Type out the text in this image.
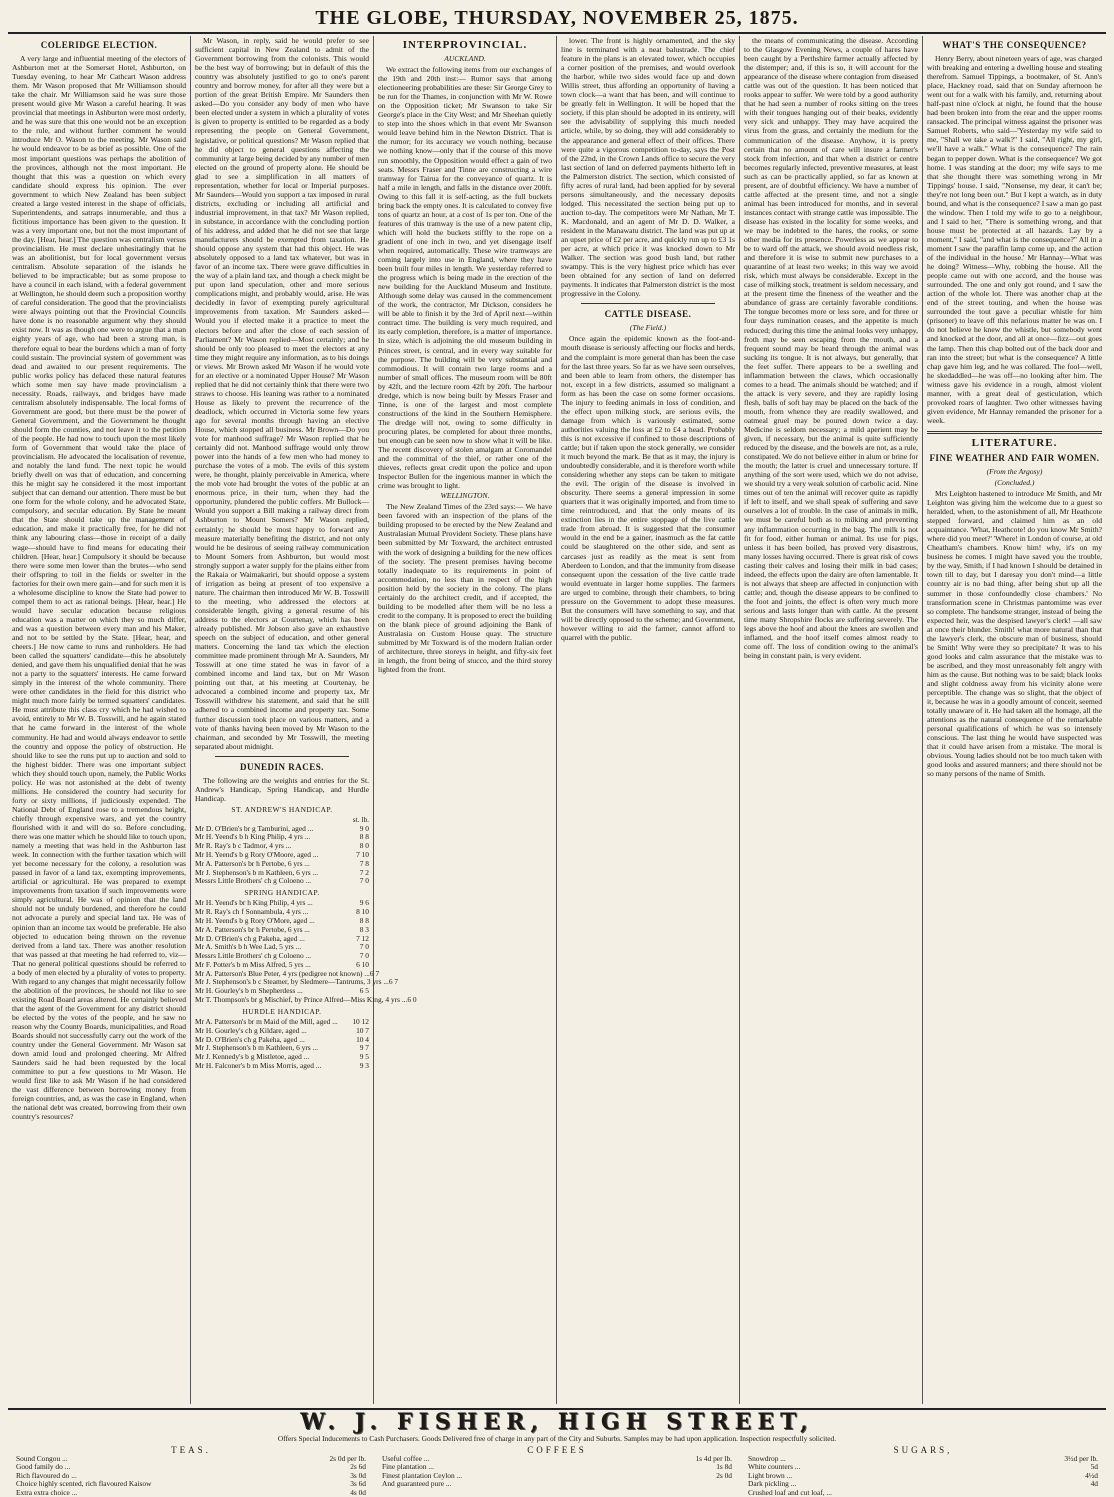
THE GLOBE, THURSDAY, NOVEMBER 25, 1875.
COLERIDGE ELECTION.

A very large and influential meeting of the electors of Ashburton met at the Somerset Hotel, Ashburton, on Tuesday evening, to hear Mr Cathcart Wason address them. Mr Wason proposed that Mr Williamson should take the chair. Mr Williamson said he was sure those present would give Mr Wason a careful hearing. It was provincial that meetings in Ashburton were most orderly, and he was sure that this one would not be an exception to the rule, and without further comment he would introduce Mr O. Wason to the meeting. Mr Wason said he would endeavor to be as brief as possible. One of the most important questions was perhaps the abolition of the provinces, although not the most important. He thought that this was a question on which every candidate should express his opinion. The ever government to which New Zealand has been subject created a large vested interest in the shape of officials, Superintendents, and satraps innumerable, and thus a fictitious importance has been given to the question. It was a very important one, but not the most important of the day. [Hear, hear.] The question was centralism versus provincialism. He must declare unhesitatingly that he was an abolitionist, but for local government versus centralism. Absolute separation of the islands he believed to be impracticable; but as some propose to have a council in each island, with a federal government at Wellington, he should deem such a proposition worthy of careful consideration. The good that the provincialists were always pointing out that the Provincial Councils have done is no reasonable argument why they should exist now. It was as though one were to argue that a man eighty years of age, who had been a strong man, is therefore equal to bear the burdens which a man of forty could sustain. The provincial system of government was dead and awaited to our present requirements. The public works policy has defaced these natural features which some men say have made provincialism a necessity. Roads, railways, and bridges have made centralism absolutely indispensable. The local forms of Government are good, but there must be the power of General Government, and the Government he thought should form the counties, and not leave it to the petition of the people. He had now to touch upon the most likely form of Government that would take the place of provincialism. He advocated the localisation of revenue, and notably the land fund. The next topic he would briefly dwell on was that of education, and concerning this he might say he considered it the most important subject that can demand our attention. There must be but one form for the whole colony, and he advocated State, compulsory, and secular education. By State he meant that the State should take up the management of education, and make it practically free, for he did not think any labouring class—those in receipt of a daily wage—should have to find means for educating their children. [Hear, hear.] Compulsory it should be because there were some men lower than the brutes—who send their offspring to toil in the fields or swelter in the factories for their own mere gain—and for such men it is a wholesome discipline to know the State had power to compel them to act as rational beings. [Hear, hear.] He would have secular education because religious education was a matter on which they so much differ, and was a question between every man and his Maker, and not to be settled by the State. [Hear, hear, and cheers.] He now came to runs and runholders. He had been called the squatters' candidate—this he absolutely denied, and gave them his unqualified denial that he was not a party to the squatters' interests. He came forward simply in the interest of the whole community. There were other candidates in the field for this district who might much more fairly be termed squatters' candidates. He must attribute this class cry which he had wished to avoid, entirely to Mr W. B. Tosswill, and he again stated that he came forward in the interest of the whole community. He had and would always endeavor to settle the country and oppose the policy of obstruction. He should like to see the runs put up to auction and sold to the highest bidder. There was one important subject which they should touch upon, namely, the Public Works policy. He was not astonished at the debt of twenty millions. He considered the country had security for forty or sixty millions, if judiciously expended. The National Debt of England rose to a tremendous height, chiefly through expensive wars, and yet the country flourished with it and will do so. Before concluding, there was one matter which he should like to touch upon, namely a meeting that was held in the Ashburton last week. In connection with the further taxation which will yet become necessary for the colony, a resolution was passed in favor of a land tax, exempting improvements, artificial or agricultural. He was prepared to exempt improvements from taxation if such improvements were simply agricultural. He was of opinion that the land should not be unduly burdened, and therefore he could not advocate a purely and special land tax. He was of opinion than an income tax would be preferable. He also objected to education being thrown on the revenue derived from a land tax. There was another resolution that was passed at that meeting he had referred to, viz—That no general political questions should be referred to a body of men elected by a plurality of votes to property. With regard to any changes that might necessarily follow the abolition of the provinces, he should not like to see existing Road Board areas altered. He certainly believed that the agent of the Government for any district should be elected by the votes of the people, and he saw no reason why the County Boards, municipalities, and Road Boards should not successfully carry out the work of the country under the General Government. Mr Wason sat down amid loud and prolonged cheering. Mr Alfred Saunders said he had been requested by the local committee to put a few questions to Mr Wason. He would first like to ask Mr Wason if he had considered the vast difference between borrowing money from foreign countries, and, as was the case in England, when the national debt was created, borrowing from their own country's resources?

Mr Wason, in reply, said he would prefer to see sufficient capital in New Zealand to admit of the Government borrowing from the colonists. This would be the best way of borrowing; but in default of this the country was absolutely justified to go to one's parent country and borrow money, for after all they were but a portion of the great British Empire. Mr Saunders then asked—Do you consider any body of men who have been elected under a system in which a plurality of votes is given to property is entitled to be regarded as a body representing the people on General Government, legislative, or political questions? Mr Wason replied that he did object to general questions affecting the community at large being decided by any number of men elected on the ground of property alone. He should be glad to see a simplification in all matters of representation, whether for local or Imperial purposes. Mr Saunders—Would you support a tax imposed in rural districts, excluding or including all artificial and industrial improvement, in that tax? Mr Wason replied, in substance, in accordance with the concluding portion of his address, and added that he did not see that large manufacturers should be exempted from taxation. He should oppose any system that had this object. He was absolutely opposed to a land tax whatever, but was in favor of an income tax. There were grave difficulties in the way of a plain land tax, and though a check might be put upon land speculation, other and more serious complications might, and probably would, arise. He was decidedly in favor of exempting purely agricultural improvements from taxation. Mr Saunders asked—Would you if elected make it a practice to meet the electors before and after the close of each session of Parliament? Mr Wason replied—Most certainly; and he should be only too pleased to meet the electors at any time they might require any information, as to his doings or views. Mr Brown asked Mr Wason if he would vote for an elective or a nominated Upper House? Mr Wason replied that he did not certainly think that there were two straws to choose. His leaning was rather to a nominated House as likely to prevent the recurrence of the deadlock, which occurred in Victoria some few years ago for several months through having an elective House, which stopped all business. Mr Brown—Do you vote for manhood suffrage? Mr Wason replied that he certainly did not. Manhood suffrage would only throw power into the hands of a few men who had money to purchase the votes of a mob. The evils of this system were, he thought, plainly perceivable in America, where the mob vote had brought the votes of the public at an enormous price, in their turn, when they had the opportunity, plundered the public coffers. Mr Bullock—Would you support a Bill making a railway direct from Ashburton to Mount Somers? Mr Wason replied, certainly; he should be most happy to forward any measure materially benefiting the district, and not only would he be desirous of seeing railway communication to Mount Somers from Ashburton, but would most strongly support a water supply for the plains either from the Rakaia or Waimakariri, but should oppose a system of irrigation as being at present of too expensive a nature. The chairman then introduced Mr W. B. Tosswill to the meeting, who addressed the electors at considerable length, giving a general resume of his address to the electors at Courtenay, which has been already published. Mr Jobson also gave an exhaustive speech on the subject of education, and other general matters. Concerning the land tax which the election committee made prominent through Mr A. Saunders, Mr Tosswill at one time stated he was in favor of a combined income and land tax, but on Mr Wason pointing out that, at his meeting at Courtenay, he advocated a combined income and property tax, Mr Tosswill withdrew his statement, and said that he still adhered to a combined income and property tax. Some further discussion took place on various matters, and a vote of thanks having been moved by Mr Wason to the chairman, and seconded by Mr Tosswill, the meeting separated about midnight.

DUNEDIN RACES.

The following are the weights and entries for the St. Andrew's Handicap, Spring Handicap, and Hurdle Handicap.

ST. ANDREW'S HANDICAP.
st. lb.
Mr D. O'Brien's br g Tamburini, aged ...	9 0
Mr H. Yeend's b h King Philip, 4 yrs ...	8 8
Mr R. Ray's b c Tadmor, 4 yrs ...	8 0
Mr H. Yeend's b g Rory O'Moore, aged ...	7 10
Mr A. Patterson's br h Pertobe, 6 yrs ...	7 8
Mr J. Stephenson's b m Kathleen, 6 yrs ...	7 2
Messrs Little Brothers' ch g Coloeno ...	7 0
SPRING HANDICAP.
Mr H. Yeend's br h King Philip, 4 yrs ...	9 6
Mr R. Ray's ch f Sonnambula, 4 yrs ...	8 10
Mr H. Yeend's b g Rory O'More, aged ...	8 8
Mr A. Patterson's br h Pertobe, 6 yrs ...	8 3
Mr D. O'Brien's ch g Pakeha, aged ...	7 12
Mr A. Smith's b h Wee Lad, 5 yrs ...	7 0
Messrs Little Brothers' ch g Coloeno ...	7 0
Mr F. Potter's b m Miss Alfred, 5 yrs ...	6 10
Mr A. Patterson's Blue Peter, 4 yrs (pedigree not known) ... 6 7
Mr J. Stephenson's b c Steamer, by Sledmere—Tantrums, 3 yrs ... 6 7
Mr H. Gourley's b m Shepherdess ...	6 5
Mr T. Thompson's br g Mischief, by Prince Alfred—Miss King, 4 yrs ... 6 0
HURDLE HANDICAP.
Mr A. Patterson's br m Maid of the Mill, aged ... 10 12
Mr H. Gourley's ch g Kildare, aged ...	10 7
Mr D. O'Brien's ch g Pakeha, aged ...	10 4
Mr J. Stephenson's b m Kathleen, 6 yrs ...	9 7
Mr J. Kennedy's b g Mistletoe, aged ...	9 5
Mr H. Falconer's b m Miss Morris, aged ...	9 3
INTERPROVINCIAL.
AUCKLAND.

We extract the following items from our exchanges of the 19th and 20th inst:— Rumor says that among electioneering probabilities are these: Sir George Grey to be run for the Thames, in conjunction with Mr W. Rowe on the Opposition ticket; Mr Swanson to take Sir George's place in the City West; and Mr Sheehan quietly to step into the shoes which in that event Mr Swanson would leave behind him in the Newton District. That is the rumor; for its accuracy we vouch nothing, because we nothing know—only that if the course of this move run smoothly, the Opposition would effect a gain of two seats. Messrs Fraser and Tinne are constructing a wire tramway for Tairua for the conveyance of quartz. It is half a mile in length, and falls in the distance over 200ft. Owing to this fall it is self-acting, as the full buckets bring back the empty ones. It is calculated to convey five tons of quartz an hour, at a cost of 1s per ton. One of the features of this tramway is the use of a new patent clip, which will hold the buckets stiffly to the rope on a gradient of one inch in two, and yet disengage itself when required, automatically. These wire tramways are coming largely into use in England, where they have been built four miles in length. We yesterday referred to the progress which is being made in the erection of the new building for the Auckland Museum and Institute. Although some delay was caused in the commencement of the work, the contractor, Mr Dickson, considers he will be able to finish it by the 3rd of April next—within contract time. The building is very much required, and its early completion, therefore, is a matter of importance. In size, which is adjoining the old museum building in Princes street, is central, and in every way suitable for the purpose. The building will be very substantial and commodious. It will contain two large rooms and a number of small offices. The museum room will be 80ft by 42ft, and the lecture room 42ft by 20ft. The harbour dredge, which is now being built by Messrs Fraser and Tinne, is one of the largest and most complete constructions of the kind in the Southern Hemisphere. The dredge will not, owing to some difficulty in procuring plates, be completed for about three months, but enough can be seen now to show what it will be like. The recent discovery of stolen amalgam at Coromandel and the committal of the thief, or rather one of the thieves, reflects great credit upon the police and upon Inspector Bullen for the ingenious manner in which the crime was brought to light.

WELLINGTON.

The New Zealand Times of the 23rd says:— We have been favored with an inspection of the plans of the building proposed to be erected by the New Zealand and Australasian Mutual Provident Society. These plans have been submitted by Mr Toxward, the architect entrusted with the work of designing a building for the new offices of the society. The present premises having become totally inadequate to its requirements in point of accommodation, no less than in respect of the high position held by the society in the colony. The plans certainly do the architect credit, and if accepted, the building to be modelled after them will be no less a credit to the company. It is proposed to erect the building on the blank piece of ground adjoining the Bank of Australasia on Custom House quay. The structure submitted by Mr Toxward is of the modern Italian order of architecture, three storeys in height, and fifty-six feet in length, the front being of stucco, and the third storey lighted from the front.

lower. The front is highly ornamented, and the sky line is terminated with a neat balustrade. The chief feature in the plans is an elevated tower, which occupies a corner position of the premises, and would overlook the harbor, while two sides would face up and down Willis street, thus affording an opportunity of having a town clock—a want that has been, and will continue to be greatly felt in Wellington. It will be hoped that the society, if this plan should be adopted in its entirety, will see the advisability of supplying this much needed article, while, by so doing, they will add considerably to the appearance and general effect of their offices. There were quite a vigorous competition to-day, says the Post of the 22nd, in the Crown Lands office to secure the very last section of land on deferred payments hitherto left in the Palmerston district. The section, which consisted of fifty acres of rural land, had been applied for by several persons simultaneously, and the necessary deposits lodged. This necessitated the section being put up to auction to-day. The competitors were Mr Nathan, Mr T. K. Macdonald, and an agent of Mr D. D. Walker, a resident in the Manawatu district. The land was put up at an upset price of £2 per acre, and quickly run up to £3 1s per acre, at which price it was knocked down to Mr Walker. The section was good bush land, but rather swampy. This is the very highest price which has ever been obtained for any section of land on deferred payments. It indicates that Palmerston district is the most progressive in the Colony.

CATTLE DISEASE.
(The Field.)

Once again the epidemic known as the foot-and-mouth disease is seriously affecting our flocks and herds, and the complaint is more general than has been the case for the last three years. So far as we have seen ourselves, and been able to learn from others, the distemper has not, except in a few districts, assumed so malignant a form as has been the case on some former occasions. The injury to feeding animals in loss of condition, and the effect upon milking stock, are serious evils, the damage from which is variously estimated, some authorities valuing the loss at £2 to £4 a head. Probably this is not excessive if confined to those descriptions of cattle; but if taken upon the stock generally, we consider it much beyond the mark. Be that as it may, the injury is undoubtedly considerable, and it is therefore worth while considering whether any steps can be taken to mitigate the evil. The origin of the disease is involved in obscurity. There seems a general impression in some quarters that it was originally imported, and from time to time reintroduced, and that the only means of its extinction lies in the entire stoppage of the live cattle trade from abroad. It is suggested that the consumer would in the end be a gainer, inasmuch as the fat cattle could be slaughtered on the other side, and sent as carcases just as readily as the meat is sent from Aberdeen to London, and that the immunity from disease consequent upon the cessation of the live cattle trade would eventuate in larger home supplies. The farmers are urged to combine, through their chambers, to bring pressure on the Government to adopt these measures. But the consumers will have something to say, and that will be directly opposed to the scheme; and Government, however willing to aid the farmer, cannot afford to quarrel with the public.

the means of communicating the disease. According to the Glasgow Evening News, a couple of hares have been caught by a Perthshire farmer actually affected by the distemper; and, if this is so, it will account for the appearance of the disease where contagion from diseased cattle was out of the question. It has been noticed that rooks appear to suffer. We were told by a good authority that he had seen a number of rooks sitting on the trees with their tongues hanging out of their beaks, evidently very sick and unhappy. They may have acquired the virus from the grass, and certainly the medium for the communication of the disease. Anyhow, it is pretty certain that no amount of care will insure a farmer's stock from infection, and that when a district or centre becomes regularly infected, preventive measures, at least such as can be practically applied, so far as known at present, are of doubtful efficiency. We have a number of cattle affected at the present time, and not a single animal has been introduced for months, and in several instances contact with strange cattle was impossible. The disease has existed in the locality for some weeks, and we may be indebted to the hares, the rooks, or some other media for its presence. Powerless as we appear to be to ward off the attack, we should avoid needless risk, and therefore it is wise to submit new purchases to a quarantine of at least two weeks; in this way we avoid risk, which must always be considerable. Except in the case of milking stock, treatment is seldom necessary, and at the present time the fineness of the weather and the abundance of grass are certainly favorable conditions. The tongue becomes more or less sore, and for three or four days rumination ceases, and the appetite is much reduced; during this time the animal looks very unhappy, froth may be seen escaping from the mouth, and a frequent sound may be heard through the animal was sucking its tongue. It is not always, but generally, that the feet suffer. There appears to be a swelling and inflammation between the claws, which occasionally comes to a head. The animals should be watched; and if the attack is very severe, and they are rapidly losing flesh, balls of soft hay may be placed on the back of the mouth, from whence they are readily swallowed, and oatmeal gruel may be poured down twice a day. Medicine is seldom necessary; a mild aperient may be given, if necessary, but the animal is quite sufficiently reduced by the disease, and the bowels are not, as a rule, constipated. We do not believe either in alum or brine for the mouth; the latter is cruel and unnecessary torture. If anything of the sort were used, which we do not advise, we should try a very weak solution of carbolic acid. Nine times out of ten the animal will recover quite as rapidly if left to itself, and we shall speak of suffering and save ourselves a lot of trouble. In the case of animals in milk, we must be careful both as to milking and preventing any inflammation occurring in the bag. The milk is not fit for food, either human or animal. Its use for pigs, unless it has been boiled, has proved very disastrous, many losses having occurred. There is great risk of cows casting their calves and losing their milk in bad cases; indeed, the effects upon the dairy are often lamentable. It is not always that sheep are affected in conjunction with cattle; and, though the disease appears to be confined to the foot and joints, the effect is often very much more serious and lasts longer than with cattle. At the present time many Shropshire flocks are suffering severely. The legs above the hoof and about the knees are swollen and inflamed, and the hoof itself comes almost ready to come off. The loss of condition owing to the animal's being in constant pain, is very evident.

WHAT'S THE CONSEQUENCE?

Henry Berry, about nineteen years of age, was charged with breaking and entering a dwelling house and stealing therefrom. Samuel Tippings, a bootmaker, of St. Ann's place, Hackney road, said that on Sunday afternoon he went out for a walk with his family, and, returning about half-past nine o'clock at night, he found that the house had been broken into from the rear and the upper rooms ransacked. The principal witness against the prisoner was Samuel Roberts, who said—'Yesterday my wife said to me, "Shall we take a walk?" I said, "All right, my girl, we'll have a walk." What is the consequence? The rain began to pepper down. What is the consequence? We got home. I was standing at the door; my wife says to me that she thought there was something wrong in Mr Tippings' house. I said, "Nonsense, my dear, it can't be; they're not long been out." But I kept a watch, as in duty bound, and what is the consequence? I saw a man go past the window. Then I told my wife to go to a neighbour, and I said to her, "There is something wrong, and that house must be protected at all hazards. Lay by a moment," I said, "and what is the consequence?" All in a moment I saw the paraffin lamp come up, and the action of the individual in the house.' Mr Hannay—What was he doing? Witness—Why, robbing the house. All the people came out with one accord, and the house was surrounded. The one and only got round, and I saw the action of the whole lot. There was another chap at the end of the street touting, and when the house was surrounded the tout gave a peculiar whistle for him (prisoner) to leave off this nefarious matter he was on. I do not believe he knew the whistle, but somebody went and knocked at the door, and all at once—fizz—out goes the lamp. Then this chap bolted out of the back door and ran into the street; but what is the consequence? A little chap gave him leg, and he was collared. The fool—well, he skedaddled—he was off—no looking after him. The witness gave his evidence in a rough, almost violent manner, with a great deal of gesticulation, which provoked roars of laughter. Two other witnesses having given evidence, Mr Hannay remanded the prisoner for a week.

LITERATURE.
FINE WEATHER AND FAIR WOMEN.
(From the Argosy)
(Concluded.)

Mrs Leighton hastened to introduce Mr Smith, and Mr Leighton was giving him the welcome due to a guest so heralded, when, to the astonishment of all, Mr Heathcote stepped forward, and claimed him as an old acquaintance. 'What, Heathcote! do you know Mr Smith? where did you meet?' 'Where! in London of course, at old Cheatham's chambers. Know him! why, it's on my business he comes. I might have saved you the trouble, by the way, Smith, if I had known I should be detained in town till to day, but I daresay you don't mind—a little country air is no bad thing, after being shut up all the summer in those confoundedly close chambers.' No transformation scene in Christmas pantomime was ever so complete. The handsome stranger, instead of being the expected heir, was the despised lawyer's clerk! —all saw at once their blunder. Smith! what more natural than that the lawyer's clerk, the obscure man of business, should be Smith! Why were they so precipitate? It was to his good looks and calm assurance that the mistake was to be ascribed, and they most unreasonably felt angry with him as the cause. But nothing was to be said; black looks and slight coldness away from his vicinity alone were perceptible. The change was so slight, that the object of it, because he was in a goodly amount of conceit, seemed totally unaware of it. He had taken all the homage, all the attentions as the natural consequence of the remarkable personal qualifications of which he was so intensely conscious. The last thing he would have suspected was that it could have arisen from a mistake. The moral is obvious. Young ladies should not be too much taken with good looks and assured manners; and there should not be so many persons of the name of Smith.

W. J. FISHER, HIGH STREET,
Offers Special Inducements to Cash Purchasers. Goods Delivered free of charge in any part of the City and Suburbs. Samples may be had upon application. Inspection respectfully solicited.
TEAS.
Sound Congou ...	2s 0d per lb.
Good family do ...	2s 6d
Rich flavoured do ...	3s 0d
Choice highly scented, rich flavoured Kaisow	3s 6d
Extra extra choice ...	4s 0d
COFFEES
Useful coffee ...	1s 4d per lb.
Fine plantation ...	1s 8d
Finest plantation Ceylon ...	2s 0d
And guaranteed pure ...
SUGARS,
Snowdrop ...	3½d per lb.
White counters ...	5d
Light brown ...	4½d
Dark pickling ...	4d
Crushed loaf and cut loaf, ...
